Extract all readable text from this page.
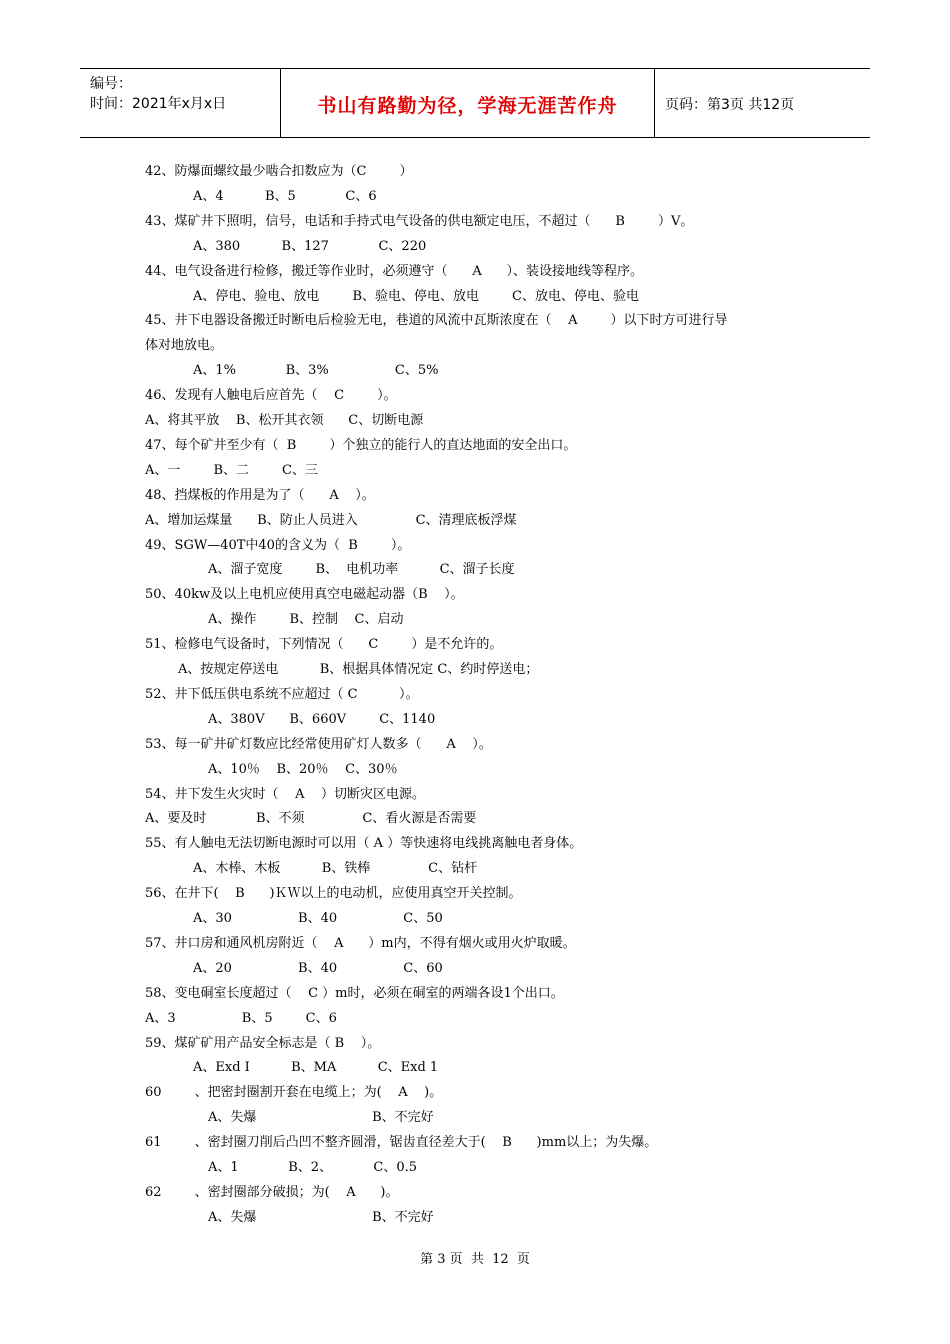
编号：
时间：2021年x月x日	书山有路勤为径，学海无涯苦作舟	页码：第3页 共12页
42、防爆面螺纹最少啮合扣数应为（C        ）
A、4          B、5            C、6
43、煤矿井下照明，信号，电话和手持式电气设备的供电额定电压，不超过（      B        ）V。
A、380          B、127            C、220
44、电气设备进行检修，搬迁等作业时，必须遵守（      A      ）、装设接地线等程序。
A、停电、验电、放电        B、验电、停电、放电        C、放电、停电、验电
45、井下电器设备搬迁时断电后检验无电，巷道的风流中瓦斯浓度在（    A        ）以下时方可进行导
体对地放电。
A、1%            B、3%                C、5%
46、发现有人触电后应首先（    C        ）。
A、将其平放    B、松开其衣领      C、切断电源
47、每个矿井至少有（  B        ）个独立的能行人的直达地面的安全出口。
A、一        B、二        C、三
48、挡煤板的作用是为了（      A    ）。
A、增加运煤量      B、防止人员进入              C、清理底板浮煤
49、SGW—40T中40的含义为（  B        ）。
A、溜子宽度        B、  电机功率          C、溜子长度
50、40kw及以上电机应使用真空电磁起动器（B    ）。
A、操作        B、控制    C、启动
51、检修电气设备时，下列情况（      C        ）是不允许的。
A、按规定停送电          B、根据具体情况定 C、约时停送电；
52、井下低压供电系统不应超过（ C          ）。
A、380V      B、660V        C、1140
53、每一矿井矿灯数应比经常使用矿灯人数多（      A    ）。
A、10％    B、20％    C、30％
54、井下发生火灾时（    A    ）切断灾区电源。
A、要及时            B、不须              C、看火源是否需要
55、有人触电无法切断电源时可以用（ A ）等快速将电线挑离触电者身体。
A、木棒、木板          B、铁棒              C、钻杆
56、在井下(    B      )ＫＷ以上的电动机，应使用真空开关控制。
A、30                B、40                C、50
57、井口房和通风机房附近（    A      ）m内，不得有烟火或用火炉取暖。
A、20                B、40                C、60
58、变电硐室长度超过（    C ）m时，必须在硐室的两端各设1个出口。
A、3                B、5        C、6
59、煤矿矿用产品安全标志是（ B    ）。
A、Exd I          B、MA          C、Exd 1
60        、把密封圈割开套在电缆上；为(    A    )。
A、失爆                            B、不完好
61        、密封圈刀削后凸凹不整齐圆滑，锯齿直径差大于(    B      )mm以上；为失爆。
A、1            B、2、          C、0.5
62        、密封圈部分破损；为(    A      )。
A、失爆                            B、不完好
第 3 页  共  12  页
